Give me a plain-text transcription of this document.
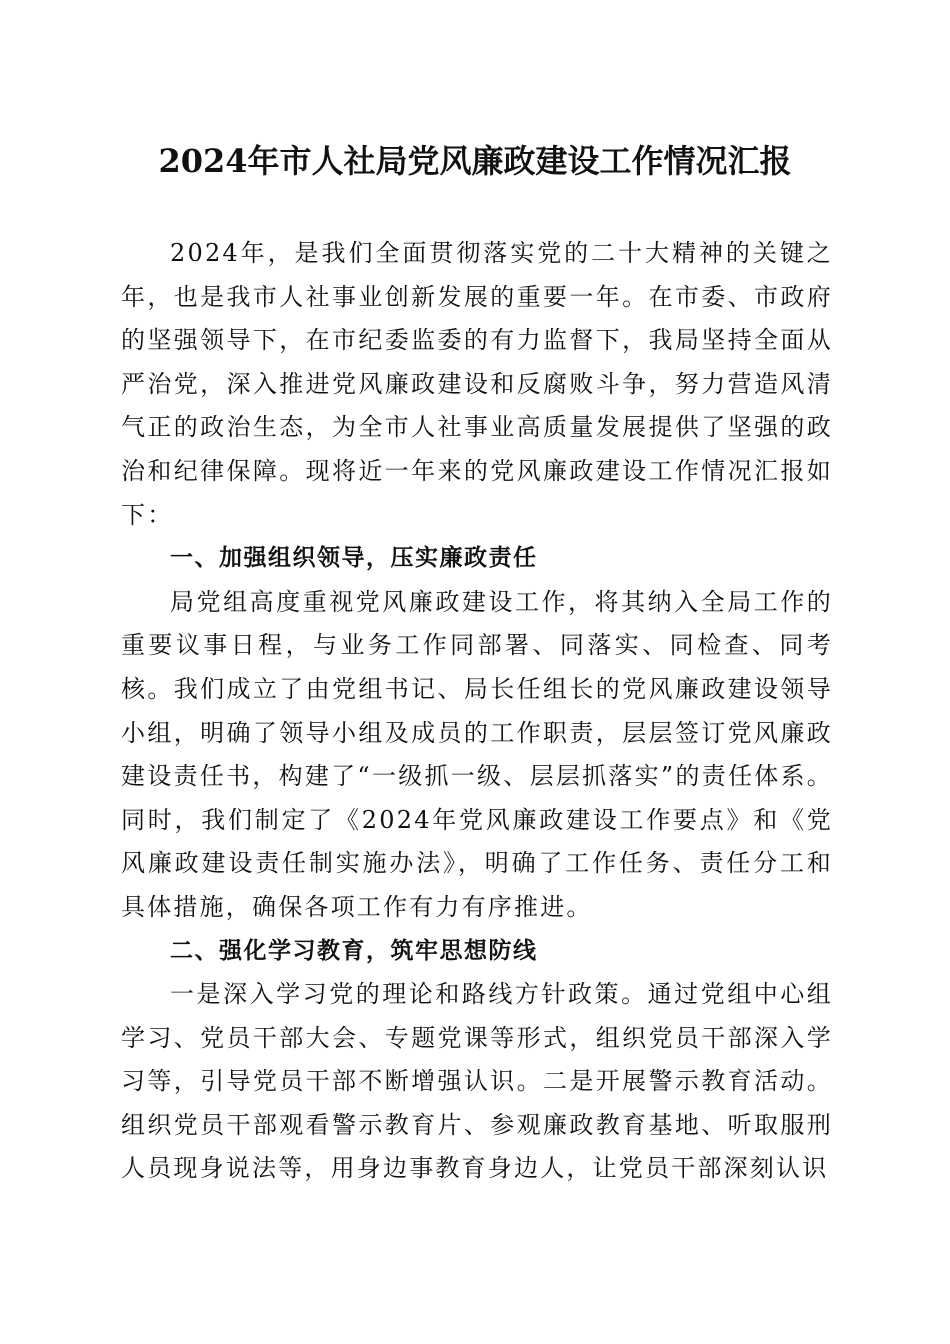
2024年市人社局党风廉政建设工作情况汇报

2024年，是我们全面贯彻落实党的二十大精神的关键之年，也是我市人社事业创新发展的重要一年。在市委、市政府的坚强领导下，在市纪委监委的有力监督下，我局坚持全面从严治党，深入推进党风廉政建设和反腐败斗争，努力营造风清气正的政治生态，为全市人社事业高质量发展提供了坚强的政治和纪律保障。现将近一年来的党风廉政建设工作情况汇报如下：

一、加强组织领导，压实廉政责任

局党组高度重视党风廉政建设工作，将其纳入全局工作的重要议事日程，与业务工作同部署、同落实、同检查、同考核。我们成立了由党组书记、局长任组长的党风廉政建设领导小组，明确了领导小组及成员的工作职责，层层签订党风廉政建设责任书，构建了“一级抓一级、层层抓落实”的责任体系。同时，我们制定了《2024年党风廉政建设工作要点》和《党风廉政建设责任制实施办法》，明确了工作任务、责任分工和具体措施，确保各项工作有力有序推进。

二、强化学习教育，筑牢思想防线

一是深入学习党的理论和路线方针政策。通过党组中心组学习、党员干部大会、专题党课等形式，组织党员干部深入学习等，引导党员干部不断增强认识。二是开展警示教育活动。组织党员干部观看警示教育片、参观廉政教育基地、听取服刑人员现身说法等，用身边事教育身边人，让党员干部深刻认识
